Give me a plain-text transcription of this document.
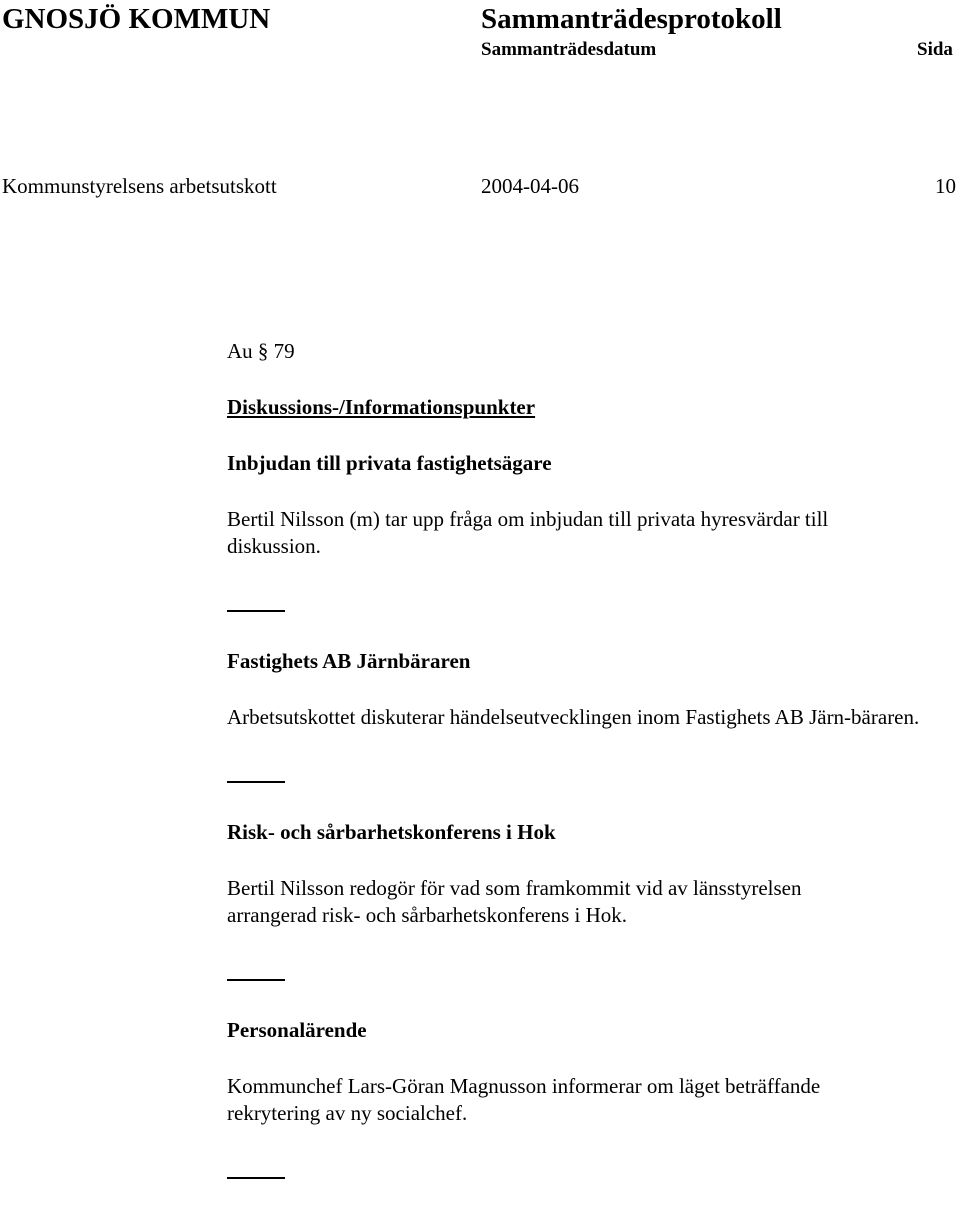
GNOSJÖ KOMMUN	Sammanträdesprotokoll
Sammanträdesdatum	Sida
Kommunstyrelsens arbetsutskott	2004-04-06	10

Au § 79

Diskussions-/Informationspunkter

Inbjudan till privata fastighetsägare

Bertil Nilsson (m) tar upp fråga om inbjudan till privata hyresvärdar till diskussion.

Fastighets AB Järnbäraren

Arbetsutskottet diskuterar händelseutvecklingen inom Fastighets AB Järn-bäraren.

Risk- och sårbarhetskonferens i Hok

Bertil Nilsson redogör för vad som framkommit vid av länsstyrelsen arrangerad risk- och sårbarhetskonferens i Hok.

Personalärende

Kommunchef Lars-Göran Magnusson informerar om läget beträffande rekrytering av ny socialchef.
